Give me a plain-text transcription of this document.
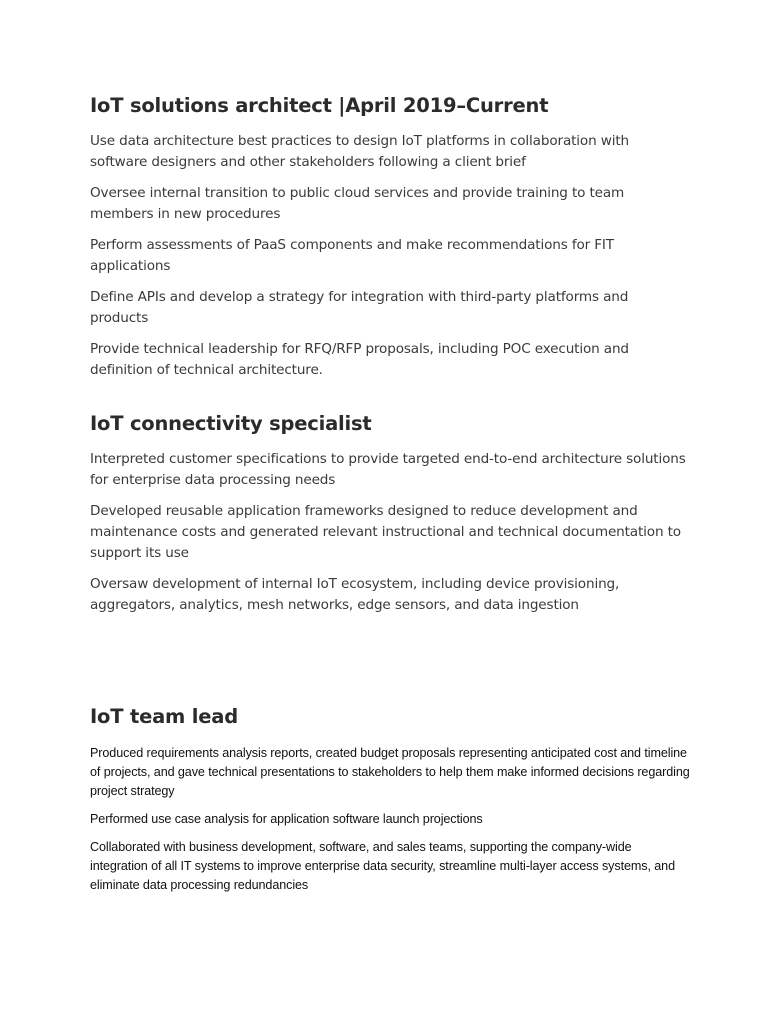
IoT solutions architect |April 2019–Current

Use data architecture best practices to design IoT platforms in collaboration with software designers and other stakeholders following a client brief

Oversee internal transition to public cloud services and provide training to team members in new procedures

Perform assessments of PaaS components and make recommendations for FIT applications

Define APIs and develop a strategy for integration with third-party platforms and products

Provide technical leadership for RFQ/RFP proposals, including POC execution and definition of technical architecture.

IoT connectivity specialist

Interpreted customer specifications to provide targeted end-to-end architecture solutions for enterprise data processing needs

Developed reusable application frameworks designed to reduce development and maintenance costs and generated relevant instructional and technical documentation to support its use

Oversaw development of internal IoT ecosystem, including device provisioning, aggregators, analytics, mesh networks, edge sensors, and data ingestion

IoT team lead

Produced requirements analysis reports, created budget proposals representing anticipated cost and timeline of projects, and gave technical presentations to stakeholders to help them make informed decisions regarding project strategy

Performed use case analysis for application software launch projections

Collaborated with business development, software, and sales teams, supporting the company-wide integration of all IT systems to improve enterprise data security, streamline multi-layer access systems, and eliminate data processing redundancies
